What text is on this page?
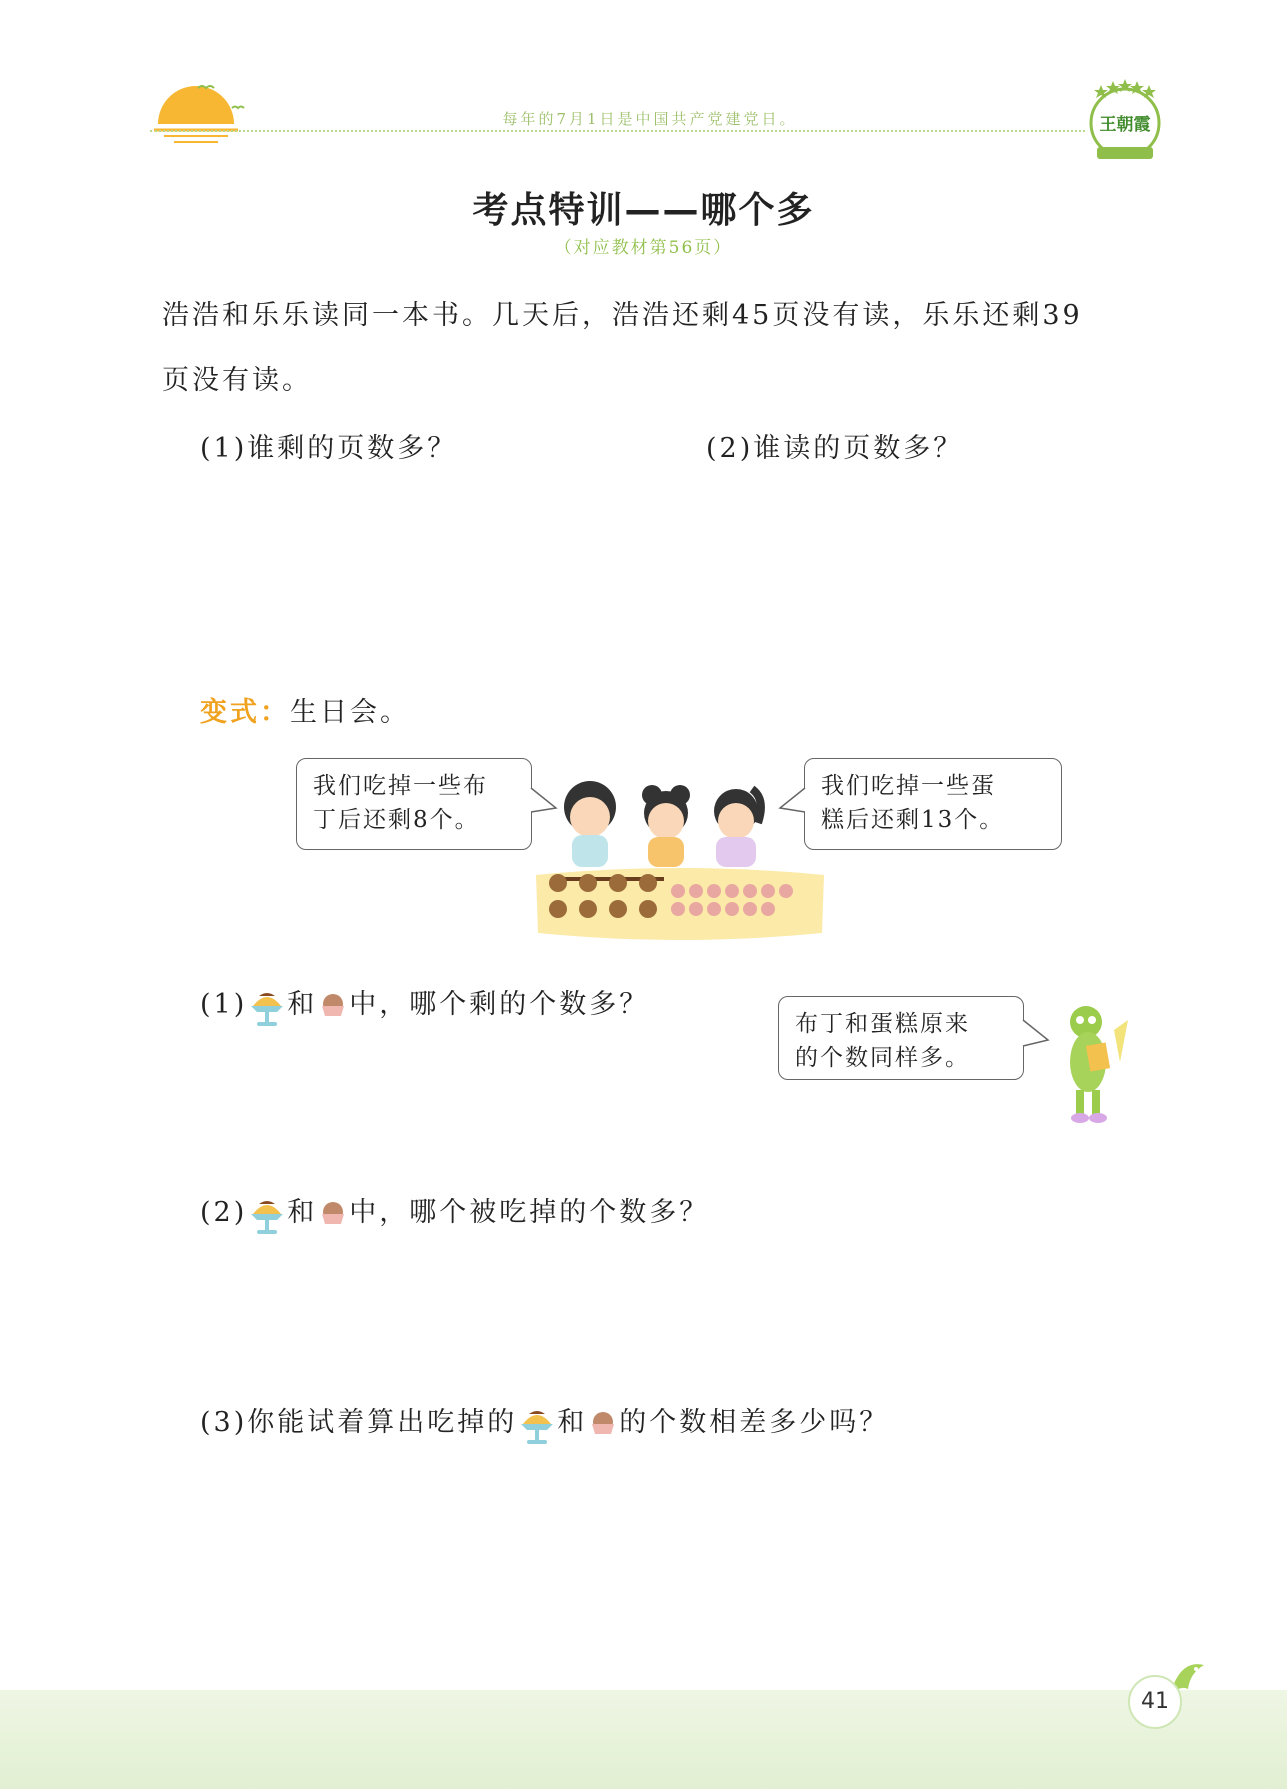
每年的7月1日是中国共产党建党日。	王朝霞
考点特训——哪个多
（对应教材第56页）
浩浩和乐乐读同一本书。几天后，浩浩还剩45页没有读，乐乐还剩39
页没有读。
(1)谁剩的页数多？	(2)谁读的页数多？
变式：生日会。
我们吃掉一些布
丁后还剩8个。
我们吃掉一些蛋
糕后还剩13个。
(1) 和 中，哪个剩的个数多？
布丁和蛋糕原来
的个数同样多。
(2) 和 中，哪个被吃掉的个数多？
(3)你能试着算出吃掉的 和 的个数相差多少吗？
41
